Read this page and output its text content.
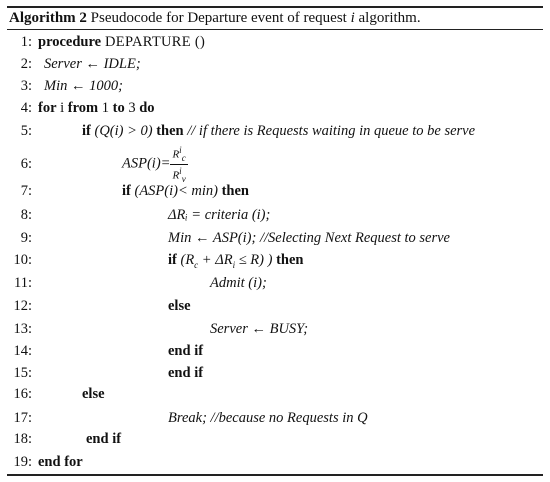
Algorithm 2 Pseudocode for Departure event of request i algorithm.
1: procedure DEPARTURE ()
2: Server ← IDLE;
3: Min ← 1000;
4: for i from 1 to 3 do
5:	if (Q(i) > 0) then // if there is Requests waiting in queue to be serve
6:	$ASP(i)= \frac{R^i_c}{R^i_v}$
7:	if (ASP(i)< min) then
8:	ΔRᵢ = criteria (i);
9:	Min ← ASP(i); //Selecting Next Request to serve
10:	if $(R_c + \Delta R_i \le R)$ ) then
11:	Admit (i);
12:	else
13:	Server ← BUSY;
14:	end if
15:	end if
16:	else
17:	Break; //because no Requests in Q
18:	end if
19: end for
